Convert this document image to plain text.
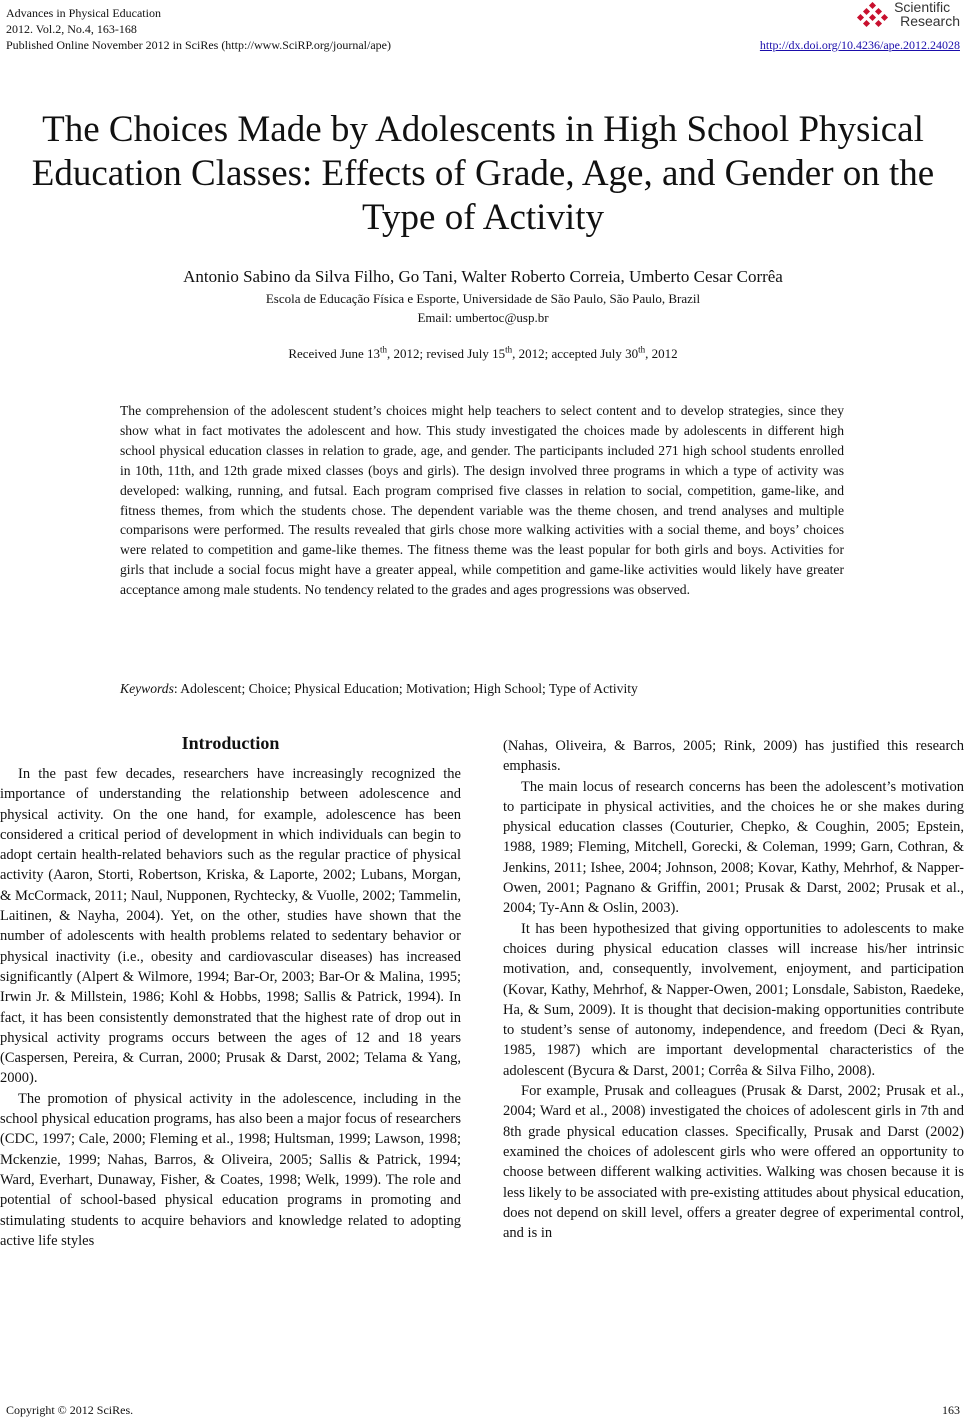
Advances in Physical Education
2012. Vol.2, No.4, 163-168
Published Online November 2012 in SciRes (http://www.SciRP.org/journal/ape)
Scientific
Research
http://dx.doi.org/10.4236/ape.2012.24028
The Choices Made by Adolescents in High School Physical Education Classes: Effects of Grade, Age, and Gender on the Type of Activity
Antonio Sabino da Silva Filho, Go Tani, Walter Roberto Correia, Umberto Cesar Corrêa
Escola de Educação Física e Esporte, Universidade de São Paulo, São Paulo, Brazil
Email: umbertoc@usp.br
Received June 13th, 2012; revised July 15th, 2012; accepted July 30th, 2012

The comprehension of the adolescent student’s choices might help teachers to select content and to develop strategies, since they show what in fact motivates the adolescent and how. This study investigated the choices made by adolescents in different high school physical education classes in relation to grade, age, and gender. The participants included 271 high school students enrolled in 10th, 11th, and 12th grade mixed classes (boys and girls). The design involved three programs in which a type of activity was developed: walking, running, and futsal. Each program comprised five classes in relation to social, competition, game-like, and fitness themes, from which the students chose. The dependent variable was the theme chosen, and trend analyses and multiple comparisons were performed. The results revealed that girls chose more walking activities with a social theme, and boys’ choices were related to competition and game-like themes. The fitness theme was the least popular for both girls and boys. Activities for girls that include a social focus might have a greater appeal, while competition and game-like activities would likely have greater acceptance among male students. No tendency related to the grades and ages progressions was observed.

Keywords: Adolescent; Choice; Physical Education; Motivation; High School; Type of Activity
Introduction

In the past few decades, researchers have increasingly recognized the importance of understanding the relationship between adolescence and physical activity. On the one hand, for example, adolescence has been considered a critical period of development in which individuals can begin to adopt certain health-related behaviors such as the regular practice of physical activity (Aaron, Storti, Robertson, Kriska, & Laporte, 2002; Lubans, Morgan, & McCormack, 2011; Naul, Nupponen, Rychtecky, & Vuolle, 2002; Tammelin, Laitinen, & Nayha, 2004). Yet, on the other, studies have shown that the number of adolescents with health problems related to sedentary behavior or physical inactivity (i.e., obesity and cardiovascular diseases) has increased significantly (Alpert & Wilmore, 1994; Bar-Or, 2003; Bar-Or & Malina, 1995; Irwin Jr. & Millstein, 1986; Kohl & Hobbs, 1998; Sallis & Patrick, 1994). In fact, it has been consistently demonstrated that the highest rate of drop out in physical activity programs occurs between the ages of 12 and 18 years (Caspersen, Pereira, & Curran, 2000; Prusak & Darst, 2002; Telama & Yang, 2000).

The promotion of physical activity in the adolescence, including in the school physical education programs, has also been a major focus of researchers (CDC, 1997; Cale, 2000; Fleming et al., 1998; Hultsman, 1999; Lawson, 1998; Mckenzie, 1999; Nahas, Barros, & Oliveira, 2005; Sallis & Patrick, 1994; Ward, Everhart, Dunaway, Fisher, & Coates, 1998; Welk, 1999). The role and potential of school-based physical education programs in promoting and stimulating students to acquire behaviors and knowledge related to adopting active life styles

(Nahas, Oliveira, & Barros, 2005; Rink, 2009) has justified this research emphasis.

The main locus of research concerns has been the adolescent’s motivation to participate in physical activities, and the choices he or she makes during physical education classes (Couturier, Chepko, & Coughin, 2005; Epstein, 1988, 1989; Fleming, Mitchell, Gorecki, & Coleman, 1999; Garn, Cothran, & Jenkins, 2011; Ishee, 2004; Johnson, 2008; Kovar, Kathy, Mehrhof, & Napper-Owen, 2001; Pagnano & Griffin, 2001; Prusak & Darst, 2002; Prusak et al., 2004; Ty-Ann & Oslin, 2003).

It has been hypothesized that giving opportunities to adolescents to make choices during physical education classes will increase his/her intrinsic motivation, and, consequently, involvement, enjoyment, and participation (Kovar, Kathy, Mehrhof, & Napper-Owen, 2001; Lonsdale, Sabiston, Raedeke, Ha, & Sum, 2009). It is thought that decision-making opportunities contribute to student’s sense of autonomy, independence, and freedom (Deci & Ryan, 1985, 1987) which are important developmental characteristics of the adolescent (Bycura & Darst, 2001; Corrêa & Silva Filho, 2008).

For example, Prusak and colleagues (Prusak & Darst, 2002; Prusak et al., 2004; Ward et al., 2008) investigated the choices of adolescent girls in 7th and 8th grade physical education classes. Specifically, Prusak and Darst (2002) examined the choices of adolescent girls who were offered an opportunity to choose between different walking activities. Walking was chosen because it is less likely to be associated with pre-existing attitudes about physical education, does not depend on skill level, offers a greater degree of experimental control, and is in

Copyright © 2012 SciRes.	163
